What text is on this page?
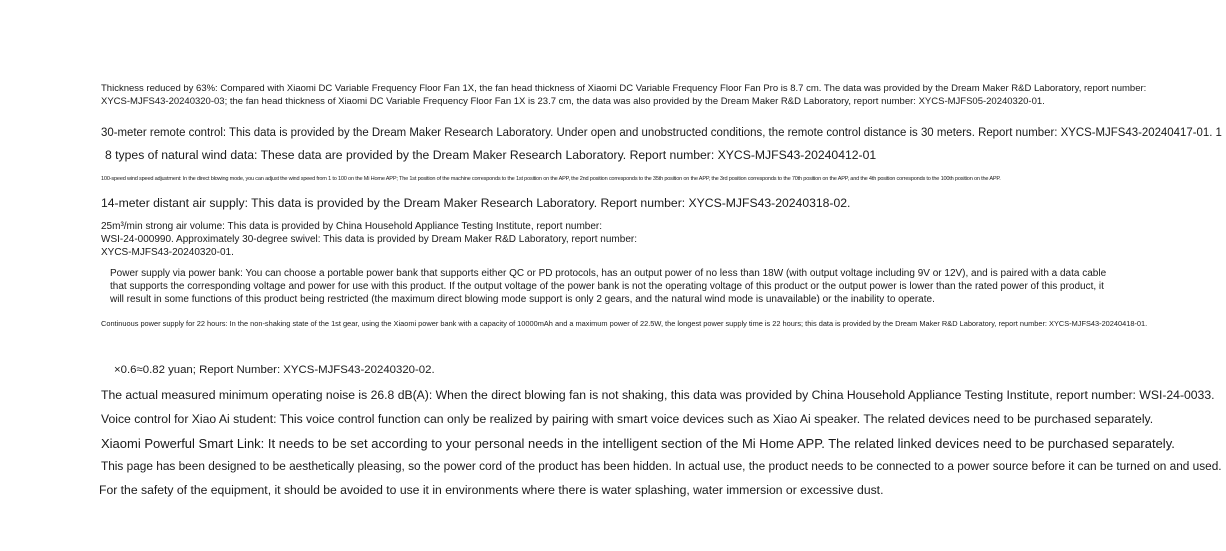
Thickness reduced by 63%: Compared with Xiaomi DC Variable Frequency Floor Fan 1X, the fan head thickness of Xiaomi DC Variable Frequency Floor Fan Pro is 8.7 cm. The data was provided by the Dream Maker R&D Laboratory, report number:

XYCS-MJFS43-20240320-03; the fan head thickness of Xiaomi DC Variable Frequency Floor Fan 1X is 23.7 cm, the data was also provided by the Dream Maker R&D Laboratory, report number: XYCS-MJFS05-20240320-01.

30-meter remote control: This data is provided by the Dream Maker Research Laboratory. Under open and unobstructed conditions, the remote control distance is 30 meters. Report number: XYCS-MJFS43-20240417-01. 1

8 types of natural wind data: These data are provided by the Dream Maker Research Laboratory. Report number: XYCS-MJFS43-20240412-01

100-speed wind speed adjustment: In the direct blowing mode, you can adjust the wind speed from 1 to 100 on the Mi Home APP; The 1st position of the machine corresponds to the 1st position on the APP, the 2nd position corresponds to the 35th position on the APP, the 3rd position corresponds to the 70th position on the APP, and the 4th position corresponds to the 100th position on the APP.

14-meter distant air supply: This data is provided by the Dream Maker Research Laboratory. Report number: XYCS-MJFS43-20240318-02.

25m³/min strong air volume: This data is provided by China Household Appliance Testing Institute, report number:

WSI-24-000990. Approximately 30-degree swivel: This data is provided by Dream Maker R&D Laboratory, report number:

XYCS-MJFS43-20240320-01.

Power supply via power bank: You can choose a portable power bank that supports either QC or PD protocols, has an output power of no less than 18W (with output voltage including 9V or 12V), and is paired with a data cable that supports the corresponding voltage and power for use with this product. If the output voltage of the power bank is not the operating voltage of this product or the output power is lower than the rated power of this product, it will result in some functions of this product being restricted (the maximum direct blowing mode support is only 2 gears, and the natural wind mode is unavailable) or the inability to operate.

Continuous power supply for 22 hours: In the non-shaking state of the 1st gear, using the Xiaomi power bank with a capacity of 10000mAh and a maximum power of 22.5W, the longest power supply time is 22 hours; this data is provided by the Dream Maker R&D Laboratory, report number: XYCS-MJFS43-20240418-01.

×0.6≈0.82 yuan; Report Number: XYCS-MJFS43-20240320-02.

The actual measured minimum operating noise is 26.8 dB(A): When the direct blowing fan is not shaking, this data was provided by China Household Appliance Testing Institute, report number: WSI-24-0033.

Voice control for Xiao Ai student: This voice control function can only be realized by pairing with smart voice devices such as Xiao Ai speaker. The related devices need to be purchased separately.

Xiaomi Powerful Smart Link: It needs to be set according to your personal needs in the intelligent section of the Mi Home APP. The related linked devices need to be purchased separately.

This page has been designed to be aesthetically pleasing, so the power cord of the product has been hidden. In actual use, the product needs to be connected to a power source before it can be turned on and used.

For the safety of the equipment, it should be avoided to use it in environments where there is water splashing, water immersion or excessive dust.
